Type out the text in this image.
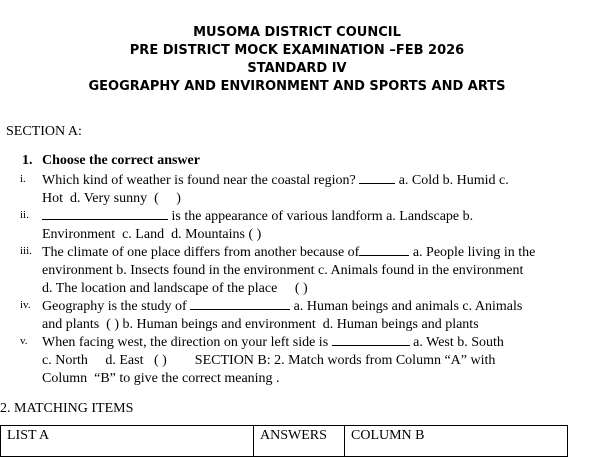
MUSOMA DISTRICT COUNCIL
PRE DISTRICT MOCK EXAMINATION –FEB 2026
STANDARD IV
GEOGRAPHY AND ENVIRONMENT AND SPORTS AND ARTS
SECTION A:
1. Choose the correct answer
i.	Which kind of weather is found near the coastal region?	a. Cold b. Humid c.
Hot  d. Very sunny  (     )
ii.	is the appearance of various landform a. Landscape b.
Environment  c. Land  d. Mountains ( )
iii. The climate of one place differs from another because of	a. People living in the
environment b. Insects found in the environment c. Animals found in the environment
d. The location and landscape of the place     ( )
iv. Geography is the study of	a. Human beings and animals c. Animals
and plants  ( ) b. Human beings and environment  d. Human beings and plants
v.	When facing west, the direction on your left side is	a. West b. South
c. North     d. East   ( )        SECTION B: 2. Match words from Column “A” with
Column  “B” to give the correct meaning .
2. MATCHING ITEMS
LIST A	ANSWERS	COLUMN B
